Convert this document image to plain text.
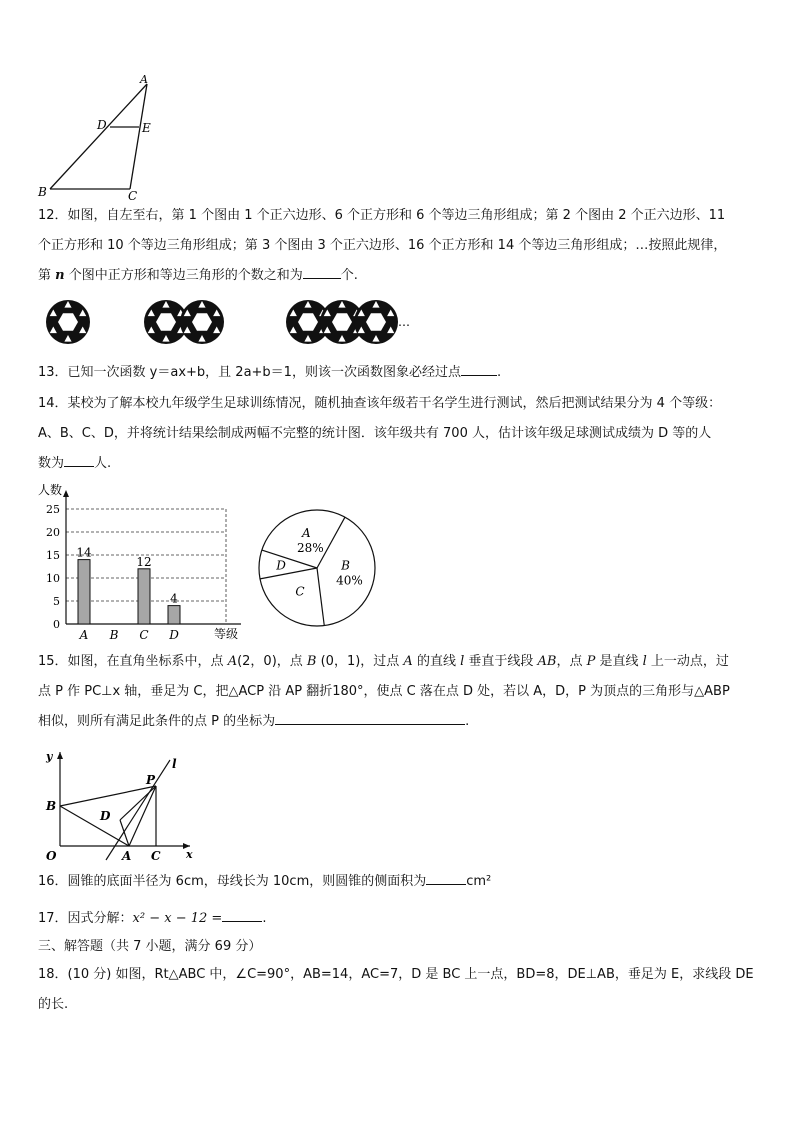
A
D	E
B	C
12．如图，自左至右，第 1 个图由 1 个正六边形、6 个正方形和 6 个等边三角形组成；第 2 个图由 2 个正六边形、11
个正方形和 10 个等边三角形组成；第 3 个图由 3 个正六边形、16 个正方形和 14 个等边三角形组成；…按照此规律，
第 n 个图中正方形和等边三角形的个数之和为	个.
…
13．已知一次函数 y＝ax+b，且 2a+b＝1，则该一次函数图象必经过点	.
14．某校为了解本校九年级学生足球训练情况，随机抽查该年级若干名学生进行测试，然后把测试结果分为 4 个等级：
A、B、C、D，并将统计结果绘制成两幅不完整的统计图．该年级共有 700 人，估计该年级足球测试成绩为 D 等的人
数为 人.
0
5
10
15
20
25
人数
等级
A
14
B C
12
D
4
A
28%
B
40%
C
D
15．如图，在直角坐标系中，点 A(2，0)，点 B (0，1)，过点 A 的直线 l 垂直于线段 AB，点 P 是直线 l 上一动点，过
点 P 作 PC⊥x 轴，垂足为 C，把△ACP 沿 AP 翻折180°，使点 C 落在点 D 处，若以 A，D，P 为顶点的三角形与△ABP
相似，则所有满足此条件的点 P 的坐标为	.
y
x
O	A C
B
D
P
l
16．圆锥的底面半径为 6cm，母线长为 10cm，则圆锥的侧面积为	cm²
17．因式分解：x² − x − 12 =	.
三、解答题（共 7 小题，满分 69 分）
18．(10 分) 如图，Rt△ABC 中，∠C=90°，AB=14，AC=7，D 是 BC 上一点，BD=8，DE⊥AB，垂足为 E，求线段 DE
的长.
